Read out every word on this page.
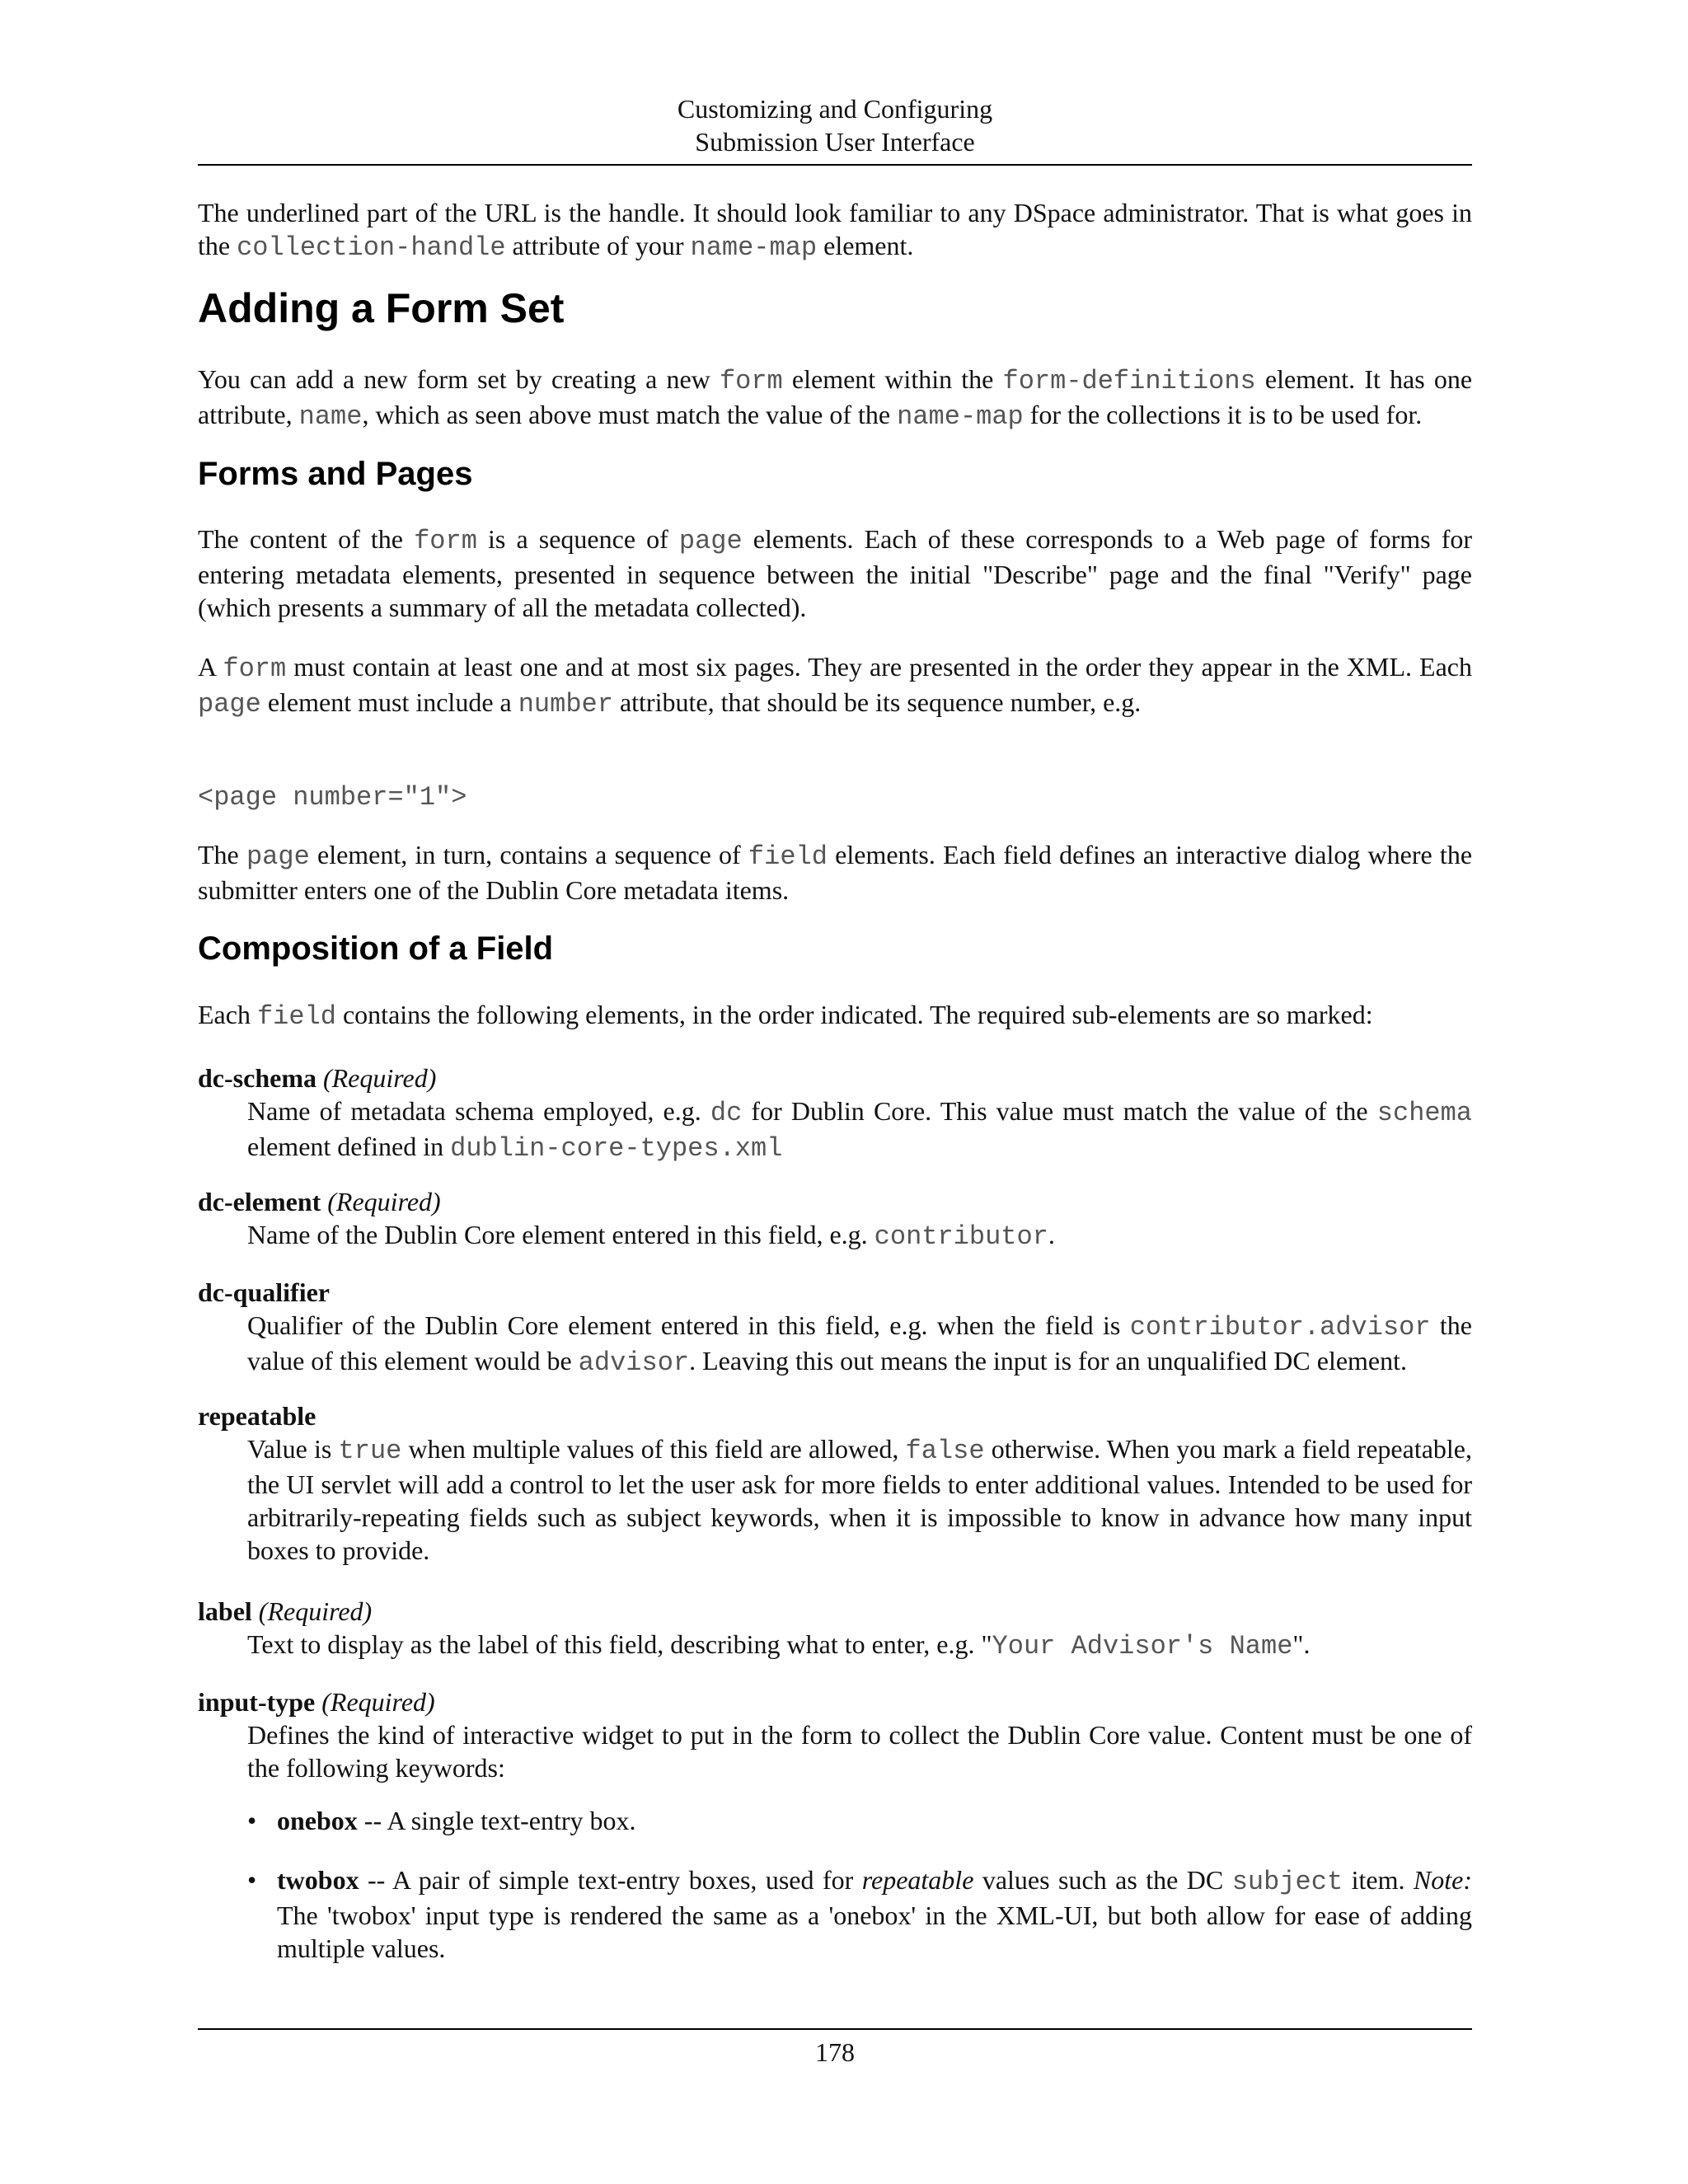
Customizing and Configuring
Submission User Interface

The underlined part of the URL is the handle. It should look familiar to any DSpace administrator. That is what goes in the collection-handle attribute of your name-map element.

Adding a Form Set

You can add a new form set by creating a new form element within the form-definitions element. It has one attribute, name, which as seen above must match the value of the name-map for the collections it is to be used for.

Forms and Pages

The content of the form is a sequence of page elements. Each of these corresponds to a Web page of forms for entering metadata elements, presented in sequence between the initial "Describe" page and the final "Verify" page (which presents a summary of all the metadata collected).

A form must contain at least one and at most six pages. They are presented in the order they appear in the XML. Each page element must include a number attribute, that should be its sequence number, e.g.

<page number="1">

The page element, in turn, contains a sequence of field elements. Each field defines an interactive dialog where the submitter enters one of the Dublin Core metadata items.

Composition of a Field

Each field contains the following elements, in the order indicated. The required sub-elements are so marked:

dc-schema (Required)
Name of metadata schema employed, e.g. dc for Dublin Core. This value must match the value of the schema element defined in dublin-core-types.xml
dc-element (Required)
Name of the Dublin Core element entered in this field, e.g. contributor.
dc-qualifier
Qualifier of the Dublin Core element entered in this field, e.g. when the field is contributor.advisor the value of this element would be advisor. Leaving this out means the input is for an unqualified DC element.
repeatable
Value is true when multiple values of this field are allowed, false otherwise. When you mark a field repeatable, the UI servlet will add a control to let the user ask for more fields to enter additional values. Intended to be used for arbitrarily-repeating fields such as subject keywords, when it is impossible to know in advance how many input boxes to provide.
label (Required)
Text to display as the label of this field, describing what to enter, e.g. "Your Advisor's Name".
input-type (Required)

Defines the kind of interactive widget to put in the form to collect the Dublin Core value. Content must be one of the following keywords:

• onebox -- A single text-entry box.
• twobox -- A pair of simple text-entry boxes, used for repeatable values such as the DC subject item. Note: The 'twobox' input type is rendered the same as a 'onebox' in the XML-UI, but both allow for ease of adding multiple values.
178
